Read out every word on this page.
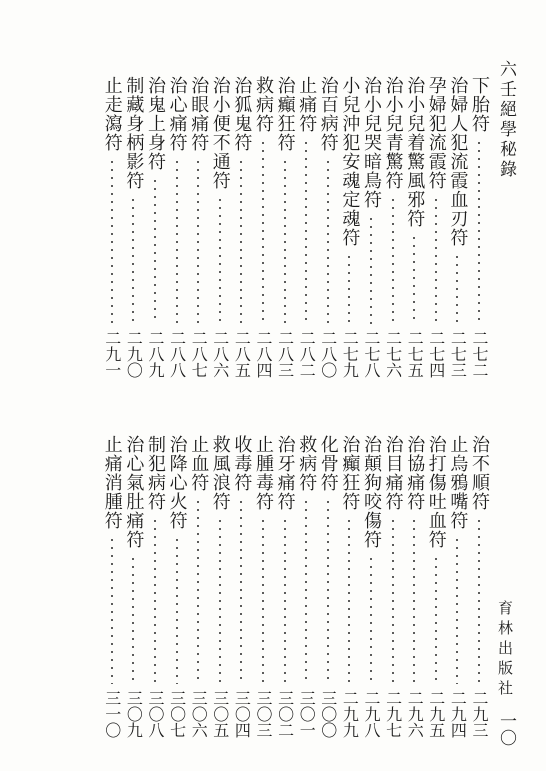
六壬絕學秘錄
下胎符
二七二
治婦人犯流霞血刃符
二七三
孕婦犯流霞符
二七四
治小兒着驚風邪符
二七五
治小兒青驚符
二七六
治小兒哭暗鳥符
二七八
小兒沖犯安魂定魂符
二七九
治百病符
二八〇
止痛符
二八二
治癲狂符
二八三
救病符
二八四
治狐鬼符
二八五
治小便不通符
二八六
治眼痛符
二八七
治心痛符
二八八
治鬼上身符
二八九
制藏身柄影符
二九〇
止走瀉符
二九一
治不順符
二九三
止烏鴉嘴符
二九四
治打傷吐血符
二九五
治協痛符
二九六
治目痛符
二九七
治顛狗咬傷符
二九八
治癲狂符
二九九
化骨符
三〇〇
救病符
三〇一
治牙痛符
三〇二
止腫毒符
三〇三
收毒符
三〇四
救風浪符
三〇五
止血符
三〇六
治降心火符
三〇七
制犯病符
三〇八
治心氣肚痛符
三〇九
止痛消腫符
三一〇
育林出版社
一〇
